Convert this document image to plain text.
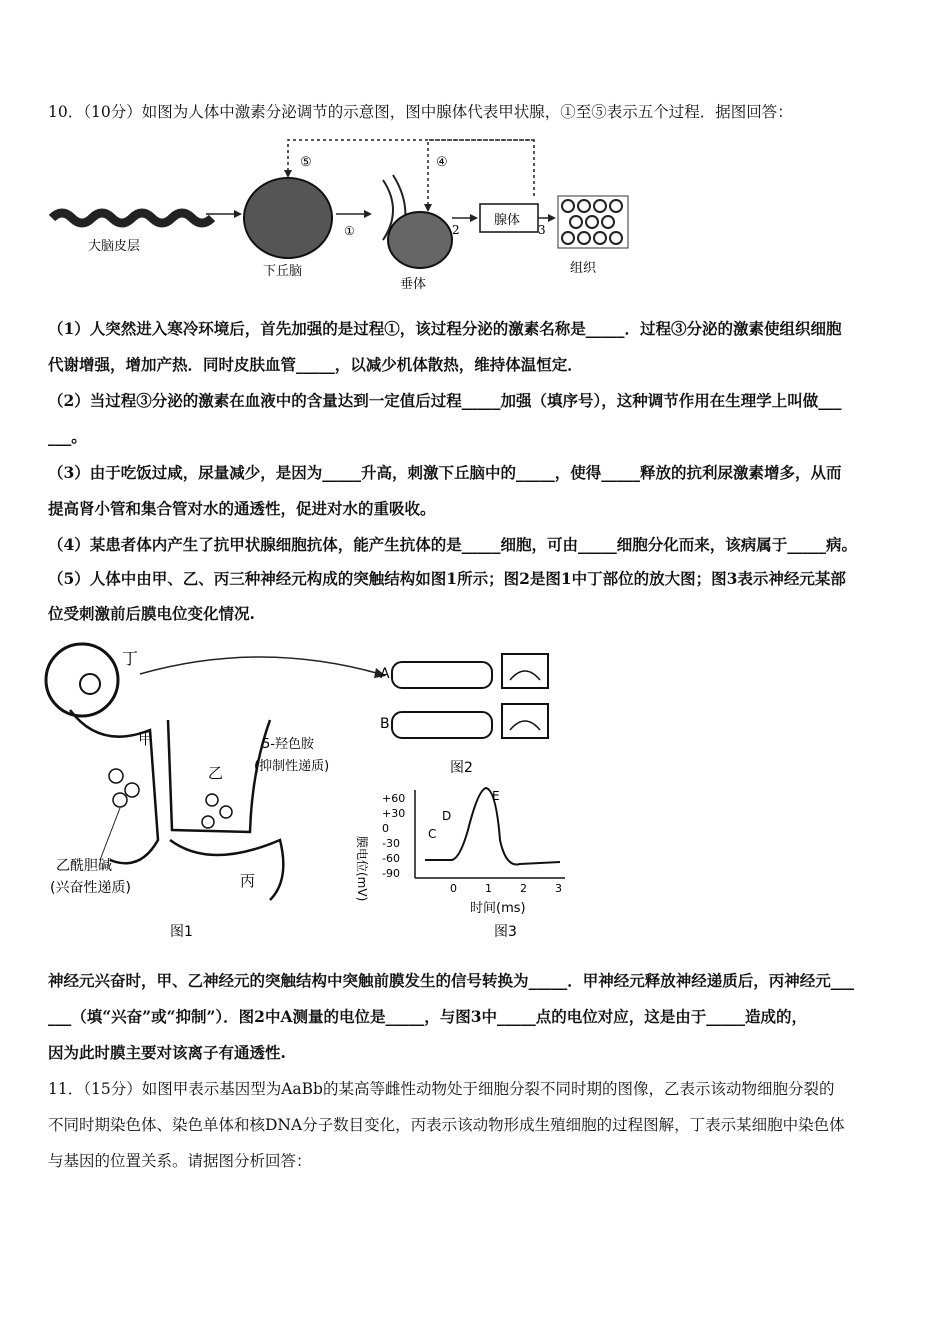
10．（10分）如图为人体中激素分泌调节的示意图，图中腺体代表甲状腺，①至⑤表示五个过程．据图回答：
大脑皮层
下丘脑
①
垂体
2
腺体
3
组织
⑤	④
（1）人突然进入寒冷环境后，首先加强的是过程①，该过程分泌的激素名称是_____．过程③分泌的激素使组织细胞
代谢增强，增加产热．同时皮肤血管_____，以减少机体散热，维持体温恒定．
（2）当过程③分泌的激素在血液中的含量达到一定值后过程_____加强（填序号），这种调节作用在生理学上叫做___
___。
（3）由于吃饭过咸，尿量减少，是因为_____升高，刺激下丘脑中的_____，使得_____释放的抗利尿激素增多，从而
提高肾小管和集合管对水的通透性，促进对水的重吸收。
（4）某患者体内产生了抗甲状腺细胞抗体，能产生抗体的是_____细胞，可由_____细胞分化而来，该病属于_____病。
（5）人体中由甲、乙、丙三种神经元构成的突触结构如图1所示；图2是图1中丁部位的放大图；图3表示神经元某部
位受刺激前后膜电位变化情况.
丁
甲
乙
5-羟色胺
(抑制性递质)
丙
乙酰胆碱
(兴奋性递质)
图1
A
B
图2
+60
+30
0
-30
-60
-90
0	1	2	3
C
D
E
时间(ms)
膜电位(mV)
图3
神经元兴奋时，甲、乙神经元的突触结构中突触前膜发生的信号转换为_____．甲神经元释放神经递质后，丙神经元___
___（填“兴奋”或“抑制”）．图2中A测量的电位是_____，与图3中_____点的电位对应，这是由于_____造成的，
因为此时膜主要对该离子有通透性.
11．（15分）如图甲表示基因型为AaBb的某高等雌性动物处于细胞分裂不同时期的图像，乙表示该动物细胞分裂的
不同时期染色体、染色单体和核DNA分子数目变化，丙表示该动物形成生殖细胞的过程图解，丁表示某细胞中染色体
与基因的位置关系。请据图分析回答：
